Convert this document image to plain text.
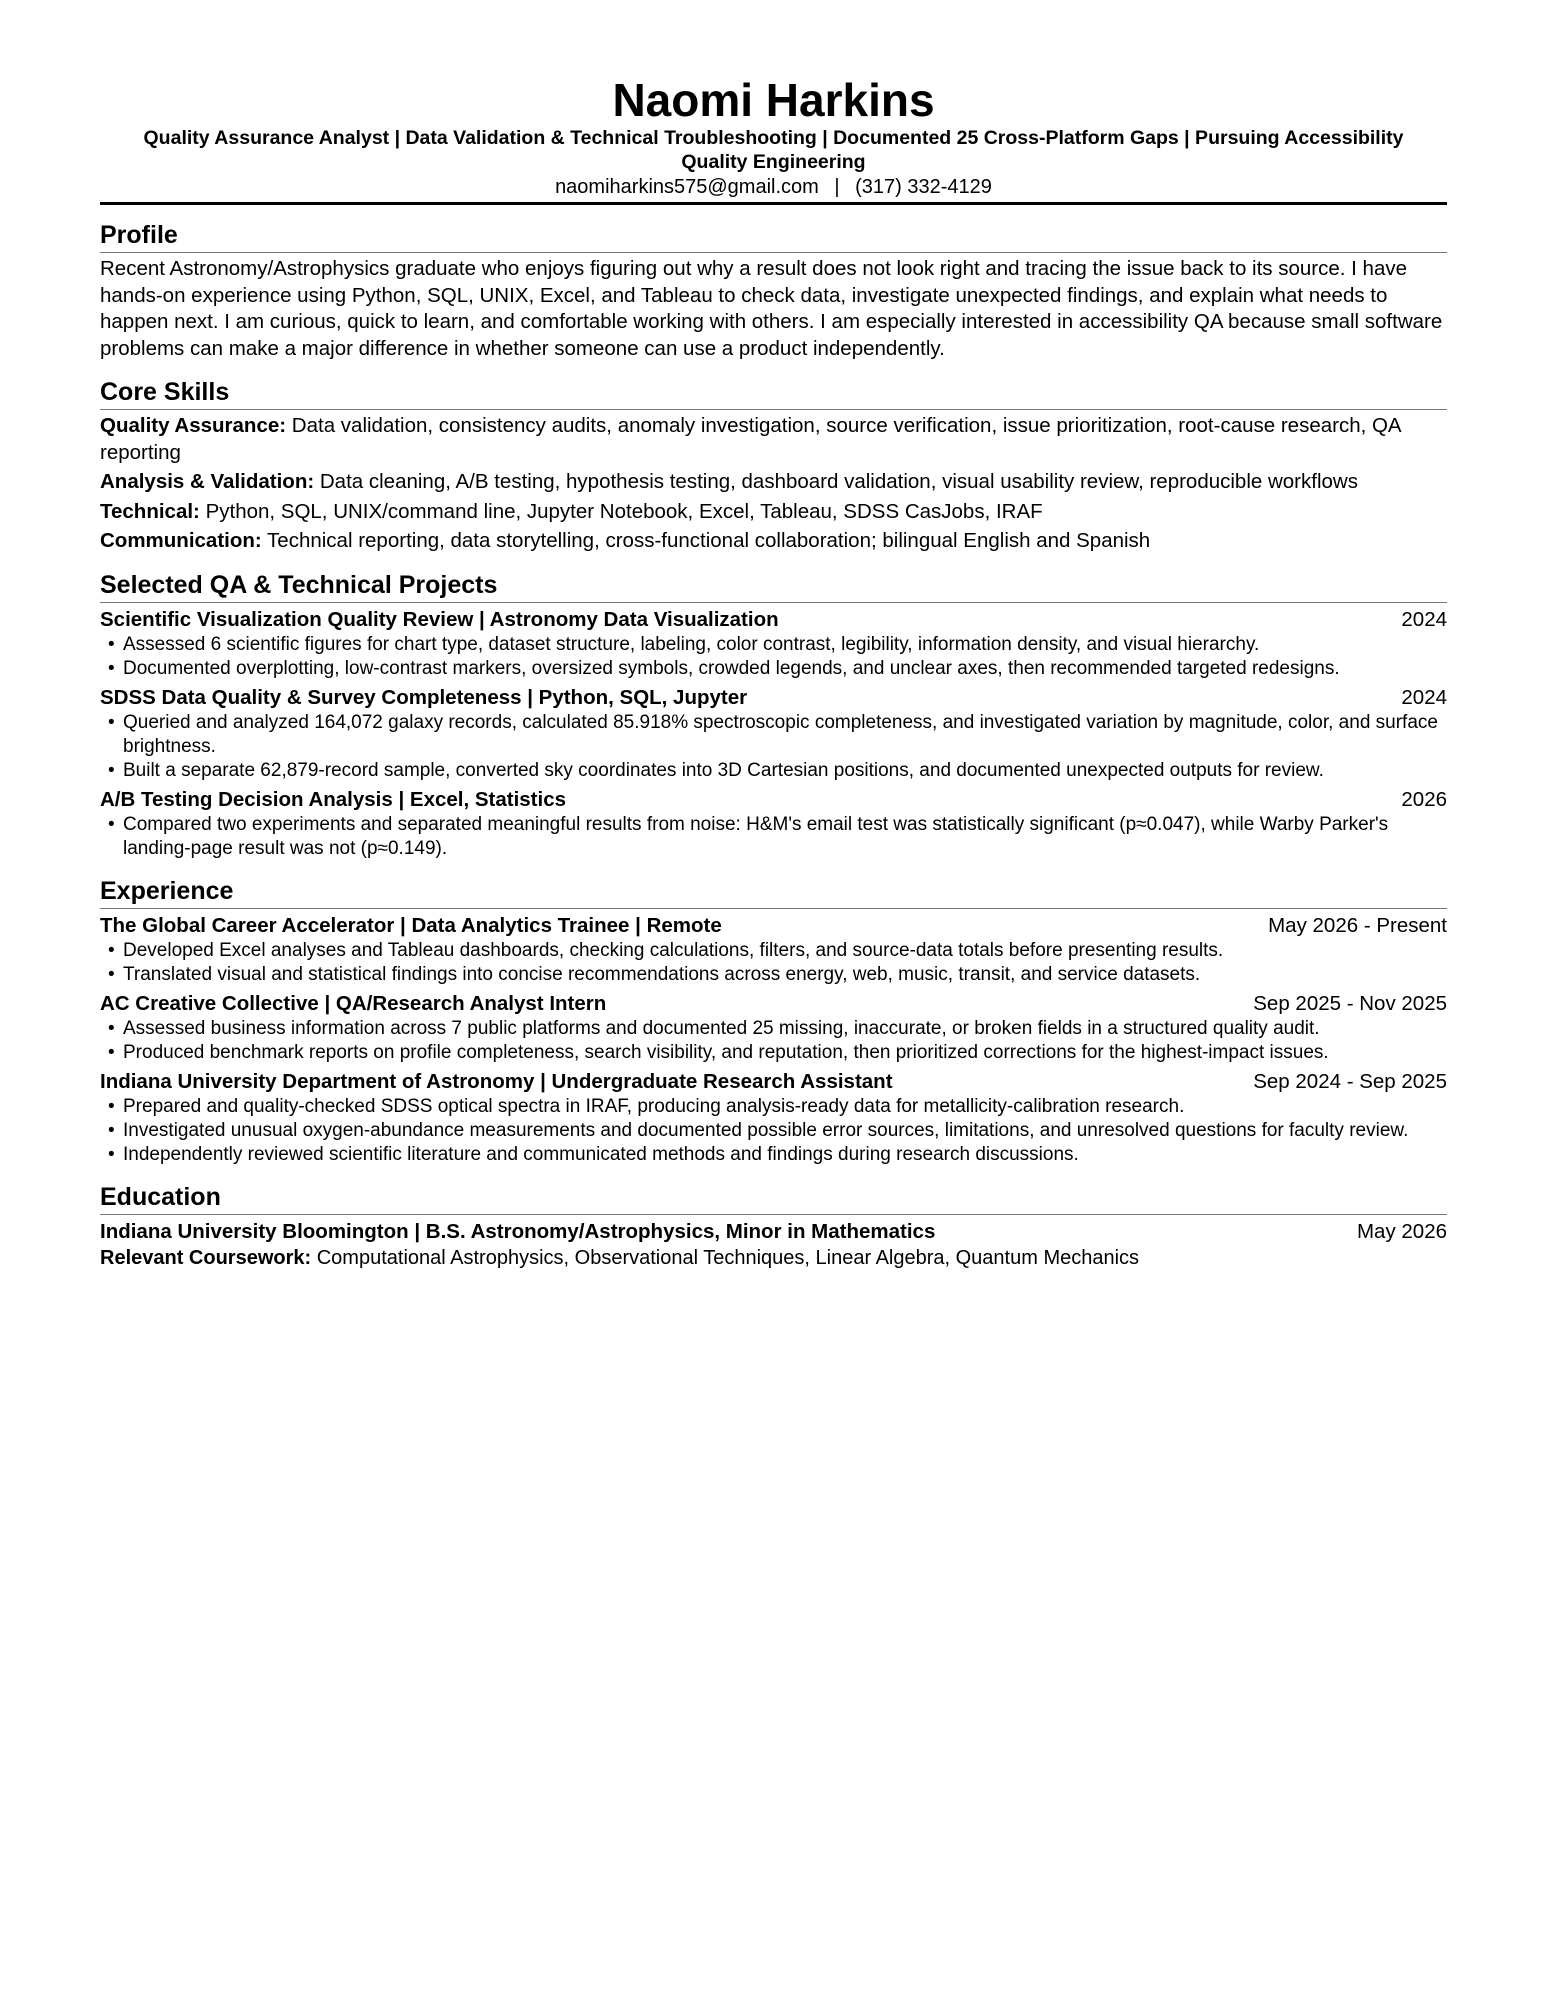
Naomi Harkins

Quality Assurance Analyst | Data Validation & Technical Troubleshooting | Documented 25 Cross-Platform Gaps | Pursuing Accessibility Quality Engineering

naomiharkins575@gmail.com | (317) 332-4129

Profile

Recent Astronomy/Astrophysics graduate who enjoys figuring out why a result does not look right and tracing the issue back to its source. I have hands-on experience using Python, SQL, UNIX, Excel, and Tableau to check data, investigate unexpected findings, and explain what needs to happen next. I am curious, quick to learn, and comfortable working with others. I am especially interested in accessibility QA because small software problems can make a major difference in whether someone can use a product independently.

Core Skills

Quality Assurance: Data validation, consistency audits, anomaly investigation, source verification, issue prioritization, root-cause research, QA reporting

Analysis & Validation: Data cleaning, A/B testing, hypothesis testing, dashboard validation, visual usability review, reproducible workflows

Technical: Python, SQL, UNIX/command line, Jupyter Notebook, Excel, Tableau, SDSS CasJobs, IRAF

Communication: Technical reporting, data storytelling, cross-functional collaboration; bilingual English and Spanish

Selected QA & Technical Projects
Scientific Visualization Quality Review | Astronomy Data Visualization	2024
• Assessed 6 scientific figures for chart type, dataset structure, labeling, color contrast, legibility, information density, and visual hierarchy.
• Documented overplotting, low-contrast markers, oversized symbols, crowded legends, and unclear axes, then recommended targeted redesigns.
SDSS Data Quality & Survey Completeness | Python, SQL, Jupyter	2024
• Queried and analyzed 164,072 galaxy records, calculated 85.918% spectroscopic completeness, and investigated variation by magnitude, color, and surface brightness.
• Built a separate 62,879-record sample, converted sky coordinates into 3D Cartesian positions, and documented unexpected outputs for review.
A/B Testing Decision Analysis | Excel, Statistics	2026
• Compared two experiments and separated meaningful results from noise: H&M's email test was statistically significant (p≈0.047), while Warby Parker's landing-page result was not (p≈0.149).
Experience
The Global Career Accelerator | Data Analytics Trainee | Remote	May 2026 - Present
• Developed Excel analyses and Tableau dashboards, checking calculations, filters, and source-data totals before presenting results.
• Translated visual and statistical findings into concise recommendations across energy, web, music, transit, and service datasets.
AC Creative Collective | QA/Research Analyst Intern	Sep 2025 - Nov 2025
• Assessed business information across 7 public platforms and documented 25 missing, inaccurate, or broken fields in a structured quality audit.
• Produced benchmark reports on profile completeness, search visibility, and reputation, then prioritized corrections for the highest-impact issues.
Indiana University Department of Astronomy | Undergraduate Research Assistant	Sep 2024 - Sep 2025
• Prepared and quality-checked SDSS optical spectra in IRAF, producing analysis-ready data for metallicity-calibration research.
• Investigated unusual oxygen-abundance measurements and documented possible error sources, limitations, and unresolved questions for faculty review.
• Independently reviewed scientific literature and communicated methods and findings during research discussions.
Education
Indiana University Bloomington | B.S. Astronomy/Astrophysics, Minor in Mathematics	May 2026

Relevant Coursework: Computational Astrophysics, Observational Techniques, Linear Algebra, Quantum Mechanics
